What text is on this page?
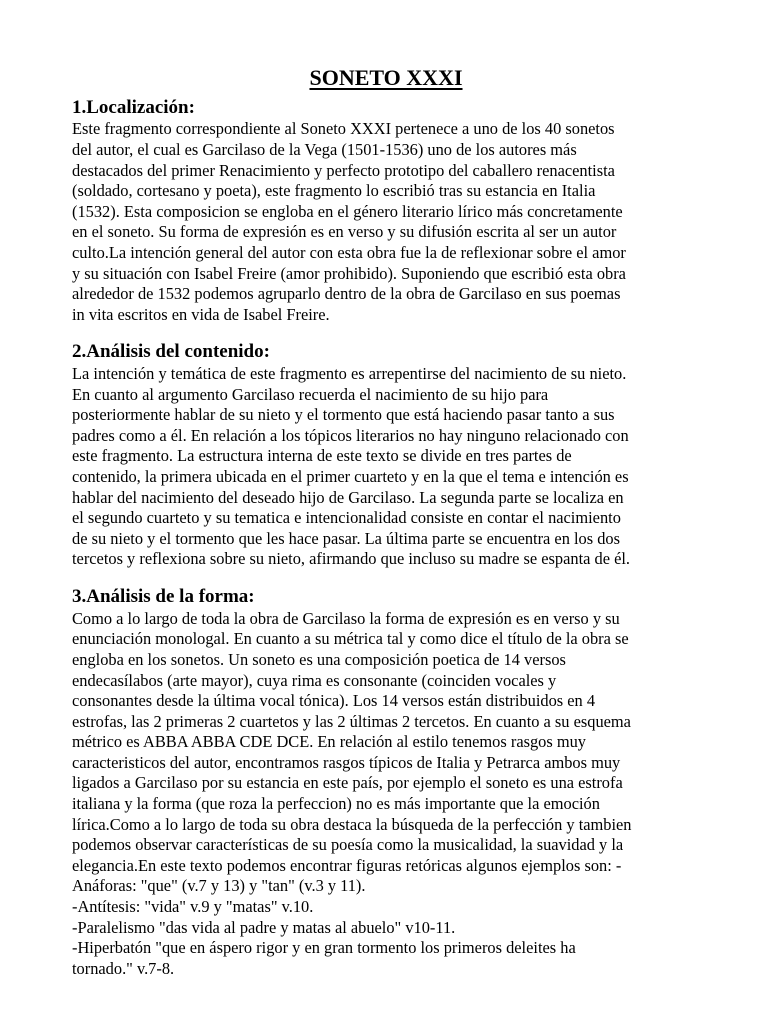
SONETO XXXI
1.Localización:

Este fragmento correspondiente al Soneto XXXI pertenece a uno de los 40 sonetos
del autor, el cual es Garcilaso de la Vega (1501-1536) uno de los autores más
destacados del primer Renacimiento y perfecto prototipo del caballero renacentista
(soldado, cortesano y poeta), este fragmento lo escribió tras su estancia en Italia
(1532). Esta composicion se engloba en el género literario lírico más concretamente
en el soneto. Su forma de expresión es en verso y su difusión escrita al ser un autor
culto.La intención general del autor con esta obra fue la de reflexionar sobre el amor
y su situación con Isabel Freire (amor prohibido). Suponiendo que escribió esta obra
alrededor de 1532 podemos agruparlo dentro de la obra de Garcilaso en sus poemas
in vita escritos en vida de Isabel Freire.

2.Análisis del contenido:

La intención y temática de este fragmento es arrepentirse del nacimiento de su nieto.
En cuanto al argumento Garcilaso recuerda el nacimiento de su hijo para
posteriormente hablar de su nieto y el tormento que está haciendo pasar tanto a sus
padres como a él. En relación a los tópicos literarios no hay ninguno relacionado con
este fragmento. La estructura interna de este texto se divide en tres partes de
contenido, la primera ubicada en el primer cuarteto y en la que el tema e intención es
hablar del nacimiento del deseado hijo de Garcilaso. La segunda parte se localiza en
el segundo cuarteto y su tematica e intencionalidad consiste en contar el nacimiento
de su nieto y el tormento que les hace pasar. La última parte se encuentra en los dos
tercetos y reflexiona sobre su nieto, afirmando que incluso su madre se espanta de él.

3.Análisis de la forma:

Como a lo largo de toda la obra de Garcilaso la forma de expresión es en verso y su
enunciación monologal. En cuanto a su métrica tal y como dice el título de la obra se
engloba en los sonetos. Un soneto es una composición poetica de 14 versos
endecasílabos (arte mayor), cuya rima es consonante (coinciden vocales y
consonantes desde la última vocal tónica). Los 14 versos están distribuidos en 4
estrofas, las 2 primeras 2 cuartetos y las 2 últimas 2 tercetos. En cuanto a su esquema
métrico es ABBA ABBA CDE DCE. En relación al estilo tenemos rasgos muy
caracteristicos del autor, encontramos rasgos típicos de Italia y Petrarca ambos muy
ligados a Garcilaso por su estancia en este país, por ejemplo el soneto es una estrofa
italiana y la forma (que roza la perfeccion) no es más importante que la emoción
lírica.Como a lo largo de toda su obra destaca la búsqueda de la perfección y tambien
podemos observar características de su poesía como la musicalidad, la suavidad y la
elegancia.En este texto podemos encontrar figuras retóricas algunos ejemplos son: -
Anáforas: "que" (v.7 y 13) y "tan" (v.3 y 11).
-Antítesis: "vida" v.9 y "matas" v.10.
-Paralelismo "das vida al padre y matas al abuelo" v10-11.
-Hiperbatón "que en áspero rigor y en gran tormento los primeros deleites ha
tornado." v.7-8.
